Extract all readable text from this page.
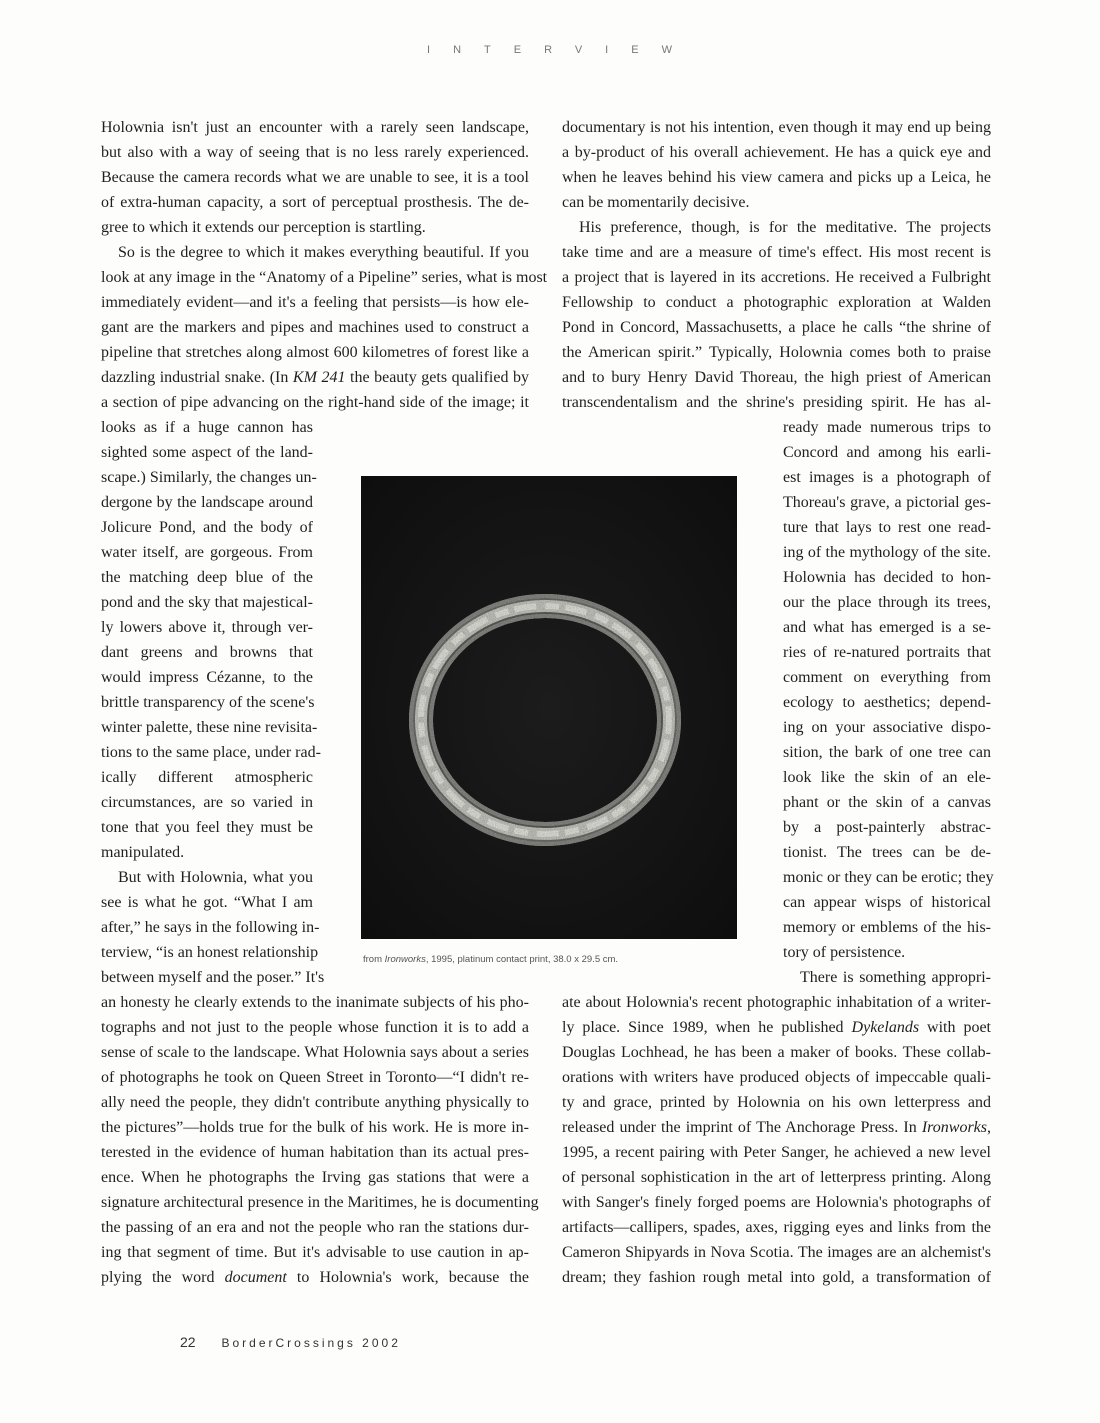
INTERVIEW

Holownia isn't just an encounter with a rarely seen landscape,

but also with a way of seeing that is no less rarely experienced.

Because the camera records what we are unable to see, it is a tool

of extra-human capacity, a sort of perceptual prosthesis. The de-

gree to which it extends our perception is startling.

So is the degree to which it makes everything beautiful. If you

look at any image in the “Anatomy of a Pipeline” series, what is most

immediately evident—and it's a feeling that persists—is how ele-

gant are the markers and pipes and machines used to construct a

pipeline that stretches along almost 600 kilometres of forest like a

dazzling industrial snake. (In KM 241 the beauty gets qualified by

a section of pipe advancing on the right-hand side of the image; it

looks as if a huge cannon has

sighted some aspect of the land-

scape.) Similarly, the changes un-

dergone by the landscape around

Jolicure Pond, and the body of

water itself, are gorgeous. From

the matching deep blue of the

pond and the sky that majestical-

ly lowers above it, through ver-

dant greens and browns that

would impress Cézanne, to the

brittle transparency of the scene's

winter palette, these nine revisita-

tions to the same place, under rad-

ically different atmospheric

circumstances, are so varied in

tone that you feel they must be

manipulated.

But with Holownia, what you

see is what he got. “What I am

after,” he says in the following in-

terview, “is an honest relationship

between myself and the poser.” It's

an honesty he clearly extends to the inanimate subjects of his pho-

tographs and not just to the people whose function it is to add a

sense of scale to the landscape. What Holownia says about a series

of photographs he took on Queen Street in Toronto—“I didn't re-

ally need the people, they didn't contribute anything physically to

the pictures”—holds true for the bulk of his work. He is more in-

terested in the evidence of human habitation than its actual pres-

ence. When he photographs the Irving gas stations that were a

signature architectural presence in the Maritimes, he is documenting

the passing of an era and not the people who ran the stations dur-

ing that segment of time. But it's advisable to use caution in ap-

plying the word document to Holownia's work, because the

documentary is not his intention, even though it may end up being

a by-product of his overall achievement. He has a quick eye and

when he leaves behind his view camera and picks up a Leica, he

can be momentarily decisive.

His preference, though, is for the meditative. The projects

take time and are a measure of time's effect. His most recent is

a project that is layered in its accretions. He received a Fulbright

Fellowship to conduct a photographic exploration at Walden

Pond in Concord, Massachusetts, a place he calls “the shrine of

the American spirit.” Typically, Holownia comes both to praise

and to bury Henry David Thoreau, the high priest of American

transcendentalism and the shrine's presiding spirit. He has al-

ready made numerous trips to

Concord and among his earli-

est images is a photograph of

Thoreau's grave, a pictorial ges-

ture that lays to rest one read-

ing of the mythology of the site.

Holownia has decided to hon-

our the place through its trees,

and what has emerged is a se-

ries of re-natured portraits that

comment on everything from

ecology to aesthetics; depend-

ing on your associative dispo-

sition, the bark of one tree can

look like the skin of an ele-

phant or the skin of a canvas

by a post-painterly abstrac-

tionist. The trees can be de-

monic or they can be erotic; they

can appear wisps of historical

memory or emblems of the his-

tory of persistence.

There is something appropri-

ate about Holownia's recent photographic inhabitation of a writer-

ly place. Since 1989, when he published Dykelands with poet

Douglas Lochhead, he has been a maker of books. These collab-

orations with writers have produced objects of impeccable quali-

ty and grace, printed by Holownia on his own letterpress and

released under the imprint of The Anchorage Press. In Ironworks,

1995, a recent pairing with Peter Sanger, he achieved a new level

of personal sophistication in the art of letterpress printing. Along

with Sanger's finely forged poems are Holownia's photographs of

artifacts—callipers, spades, axes, rigging eyes and links from the

Cameron Shipyards in Nova Scotia. The images are an alchemist's

dream; they fashion rough metal into gold, a transformation of

from Ironworks, 1995, platinum contact print, 38.0 x 29.5 cm.
22 BorderCrossings 2002
